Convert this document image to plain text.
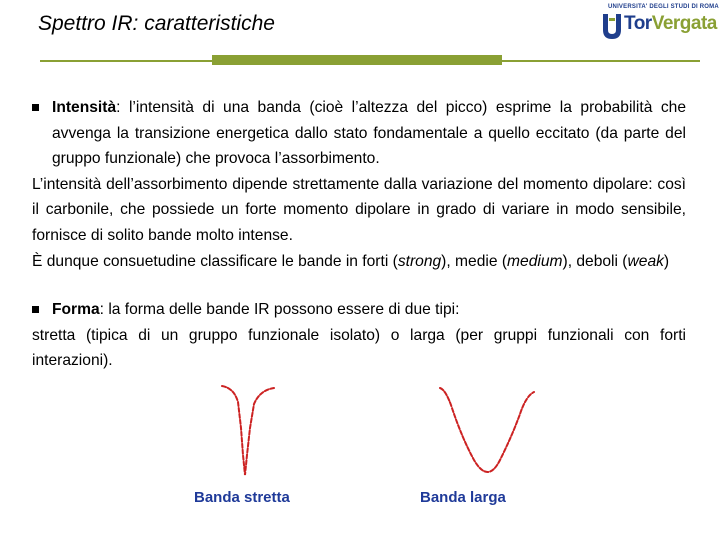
Spettro IR: caratteristiche
UNIVERSITA' DEGLI STUDI DI ROMA
TorVergata
Intensità: l’intensità di una banda (cioè l’altezza del picco) esprime la probabilità che avvenga la transizione energetica dallo stato fondamentale a quello eccitato (da parte del gruppo funzionale) che provoca l’assorbimento.
L’intensità dell’assorbimento dipende strettamente dalla variazione del momento dipolare: così il carbonile, che possiede un forte momento dipolare in grado di variare in modo sensibile, fornisce di solito bande molto intense.
È dunque consuetudine classificare le bande in forti (strong), medie (medium), deboli (weak)
Forma: la forma delle bande IR possono essere di due tipi:
stretta (tipica di un gruppo funzionale isolato) o larga (per gruppi funzionali con forti interazioni).
Banda stretta	Banda larga
